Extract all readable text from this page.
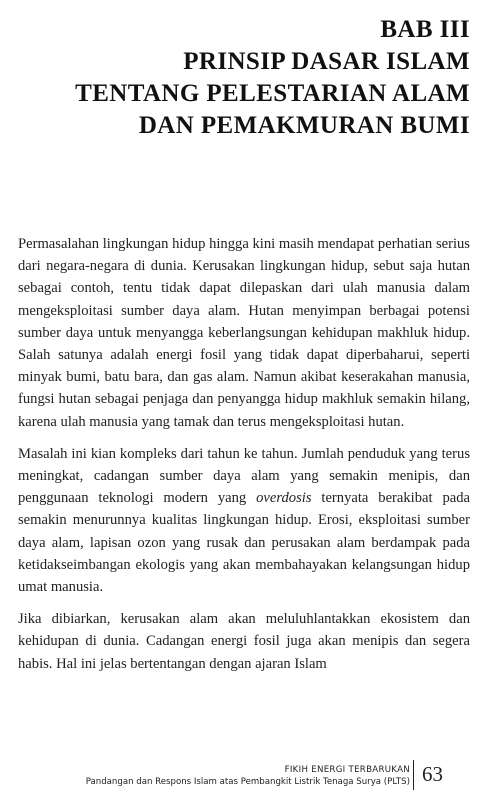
BAB III
PRINSIP DASAR ISLAM
TENTANG PELESTARIAN ALAM
DAN PEMAKMURAN BUMI

Permasalahan lingkungan hidup hingga kini masih mendapat perhatian serius dari negara-negara di dunia. Kerusakan lingkungan hidup, sebut saja hutan sebagai contoh, tentu tidak dapat dilepaskan dari ulah manusia dalam mengeksploitasi sumber daya alam. Hutan menyimpan berbagai potensi sumber daya untuk menyangga keberlangsungan kehidupan makhluk hidup. Salah satunya adalah energi fosil yang tidak dapat diperbaharui, seperti minyak bumi, batu bara, dan gas alam. Namun akibat keserakahan manusia, fungsi hutan sebagai penjaga dan penyangga hidup makhluk semakin hilang, karena ulah manusia yang tamak dan terus mengeksploitasi hutan.

Masalah ini kian kompleks dari tahun ke tahun. Jumlah penduduk yang terus meningkat, cadangan sumber daya alam yang semakin menipis, dan penggunaan teknologi modern yang overdosis ternyata berakibat pada semakin menurunnya kualitas lingkungan hidup. Erosi, eksploitasi sumber daya alam, lapisan ozon yang rusak dan perusakan alam berdampak pada ketidakseimbangan ekologis yang akan membahayakan kelangsungan hidup umat manusia.

Jika dibiarkan, kerusakan alam akan meluluhlantakkan ekosistem dan kehidupan di dunia. Cadangan energi fosil juga akan menipis dan segera habis. Hal ini jelas bertentangan dengan ajaran Islam

FIKIH ENERGI TERBARUKAN
Pandangan dan Respons Islam atas Pembangkit Listrik Tenaga Surya (PLTS) 63
